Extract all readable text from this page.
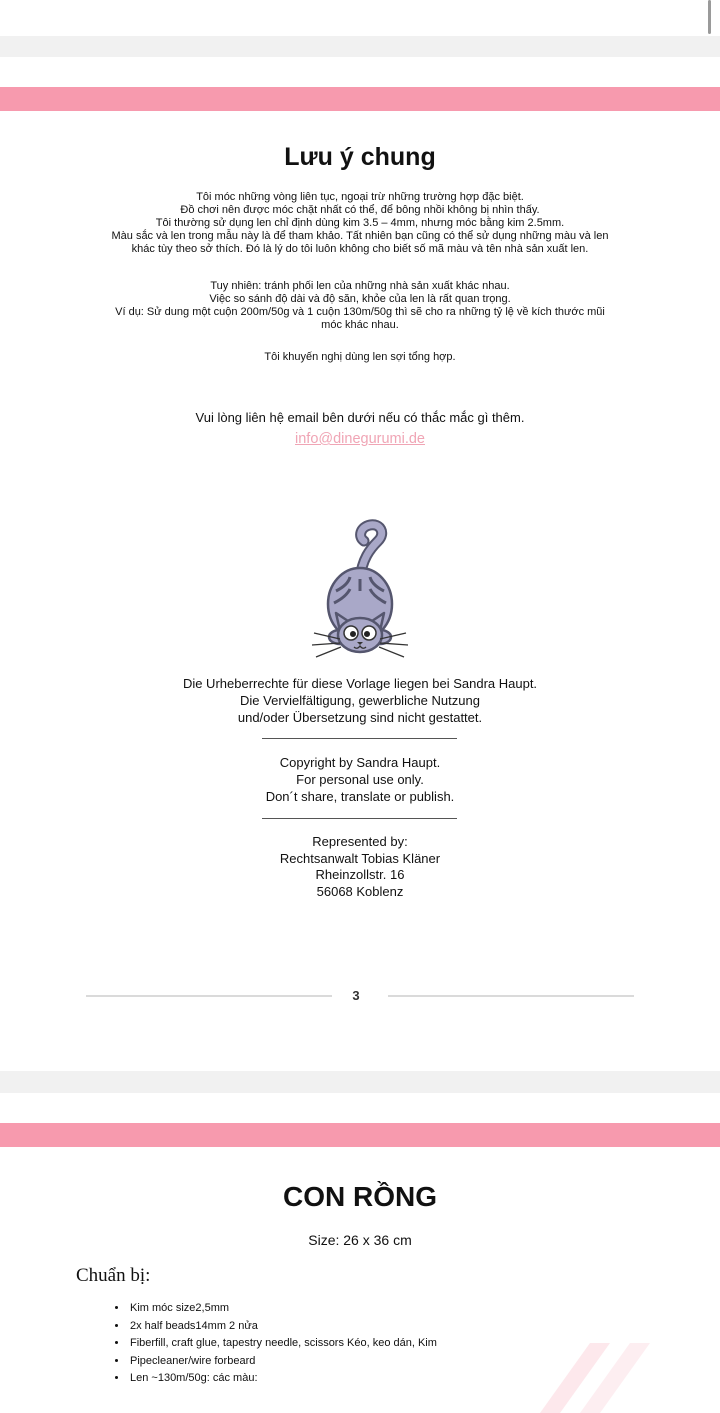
Lưu ý chung
Tôi móc những vòng liên tục, ngoại trừ những trường hợp đặc biệt.
Đồ chơi nên được móc chặt nhất có thể, để bông nhồi không bị nhìn thấy.
Tôi thường sử dụng len chỉ định dùng kim 3.5 – 4mm, nhưng móc bằng kim 2.5mm.
Màu sắc và len trong mẫu này là để tham khảo. Tất nhiên bạn cũng có thể sử dụng những màu và len
khác tùy theo sở thích. Đó là lý do tôi luôn không cho biết số mã màu và tên nhà sản xuất len.
Tuy nhiên: tránh phối len của những nhà sản xuất khác nhau.
Việc so sánh độ dài và độ săn, khỏe của len là rất quan trọng.
Ví dụ: Sử dung một cuộn 200m/50g và 1 cuộn 130m/50g thì sẽ cho ra những tỷ lệ về kích thước mũi
móc khác nhau.
Tôi khuyến nghị dùng len sợi tổng hợp.
Vui lòng liên hệ email bên dưới nếu có thắc mắc gì thêm.
info@dinegurumi.de
Die Urheberrechte für diese Vorlage liegen bei Sandra Haupt.
Die Vervielfältigung, gewerbliche Nutzung
und/oder Übersetzung sind nicht gestattet.
Copyright by Sandra Haupt.
For personal use only.
Don´t share, translate or publish.
Represented by:
Rechtsanwalt Tobias Kläner
Rheinzollstr. 16
56068 Koblenz
3
CON RỒNG
Size: 26 x 36 cm
Chuẩn bị:
• Kim móc size2,5mm
• 2x half beads14mm 2 nửa
• Fiberfill, craft glue, tapestry needle, scissors Kéo, keo dán, Kim
• Pipecleaner/wire forbeard
• Len ~130m/50g: các màu:
